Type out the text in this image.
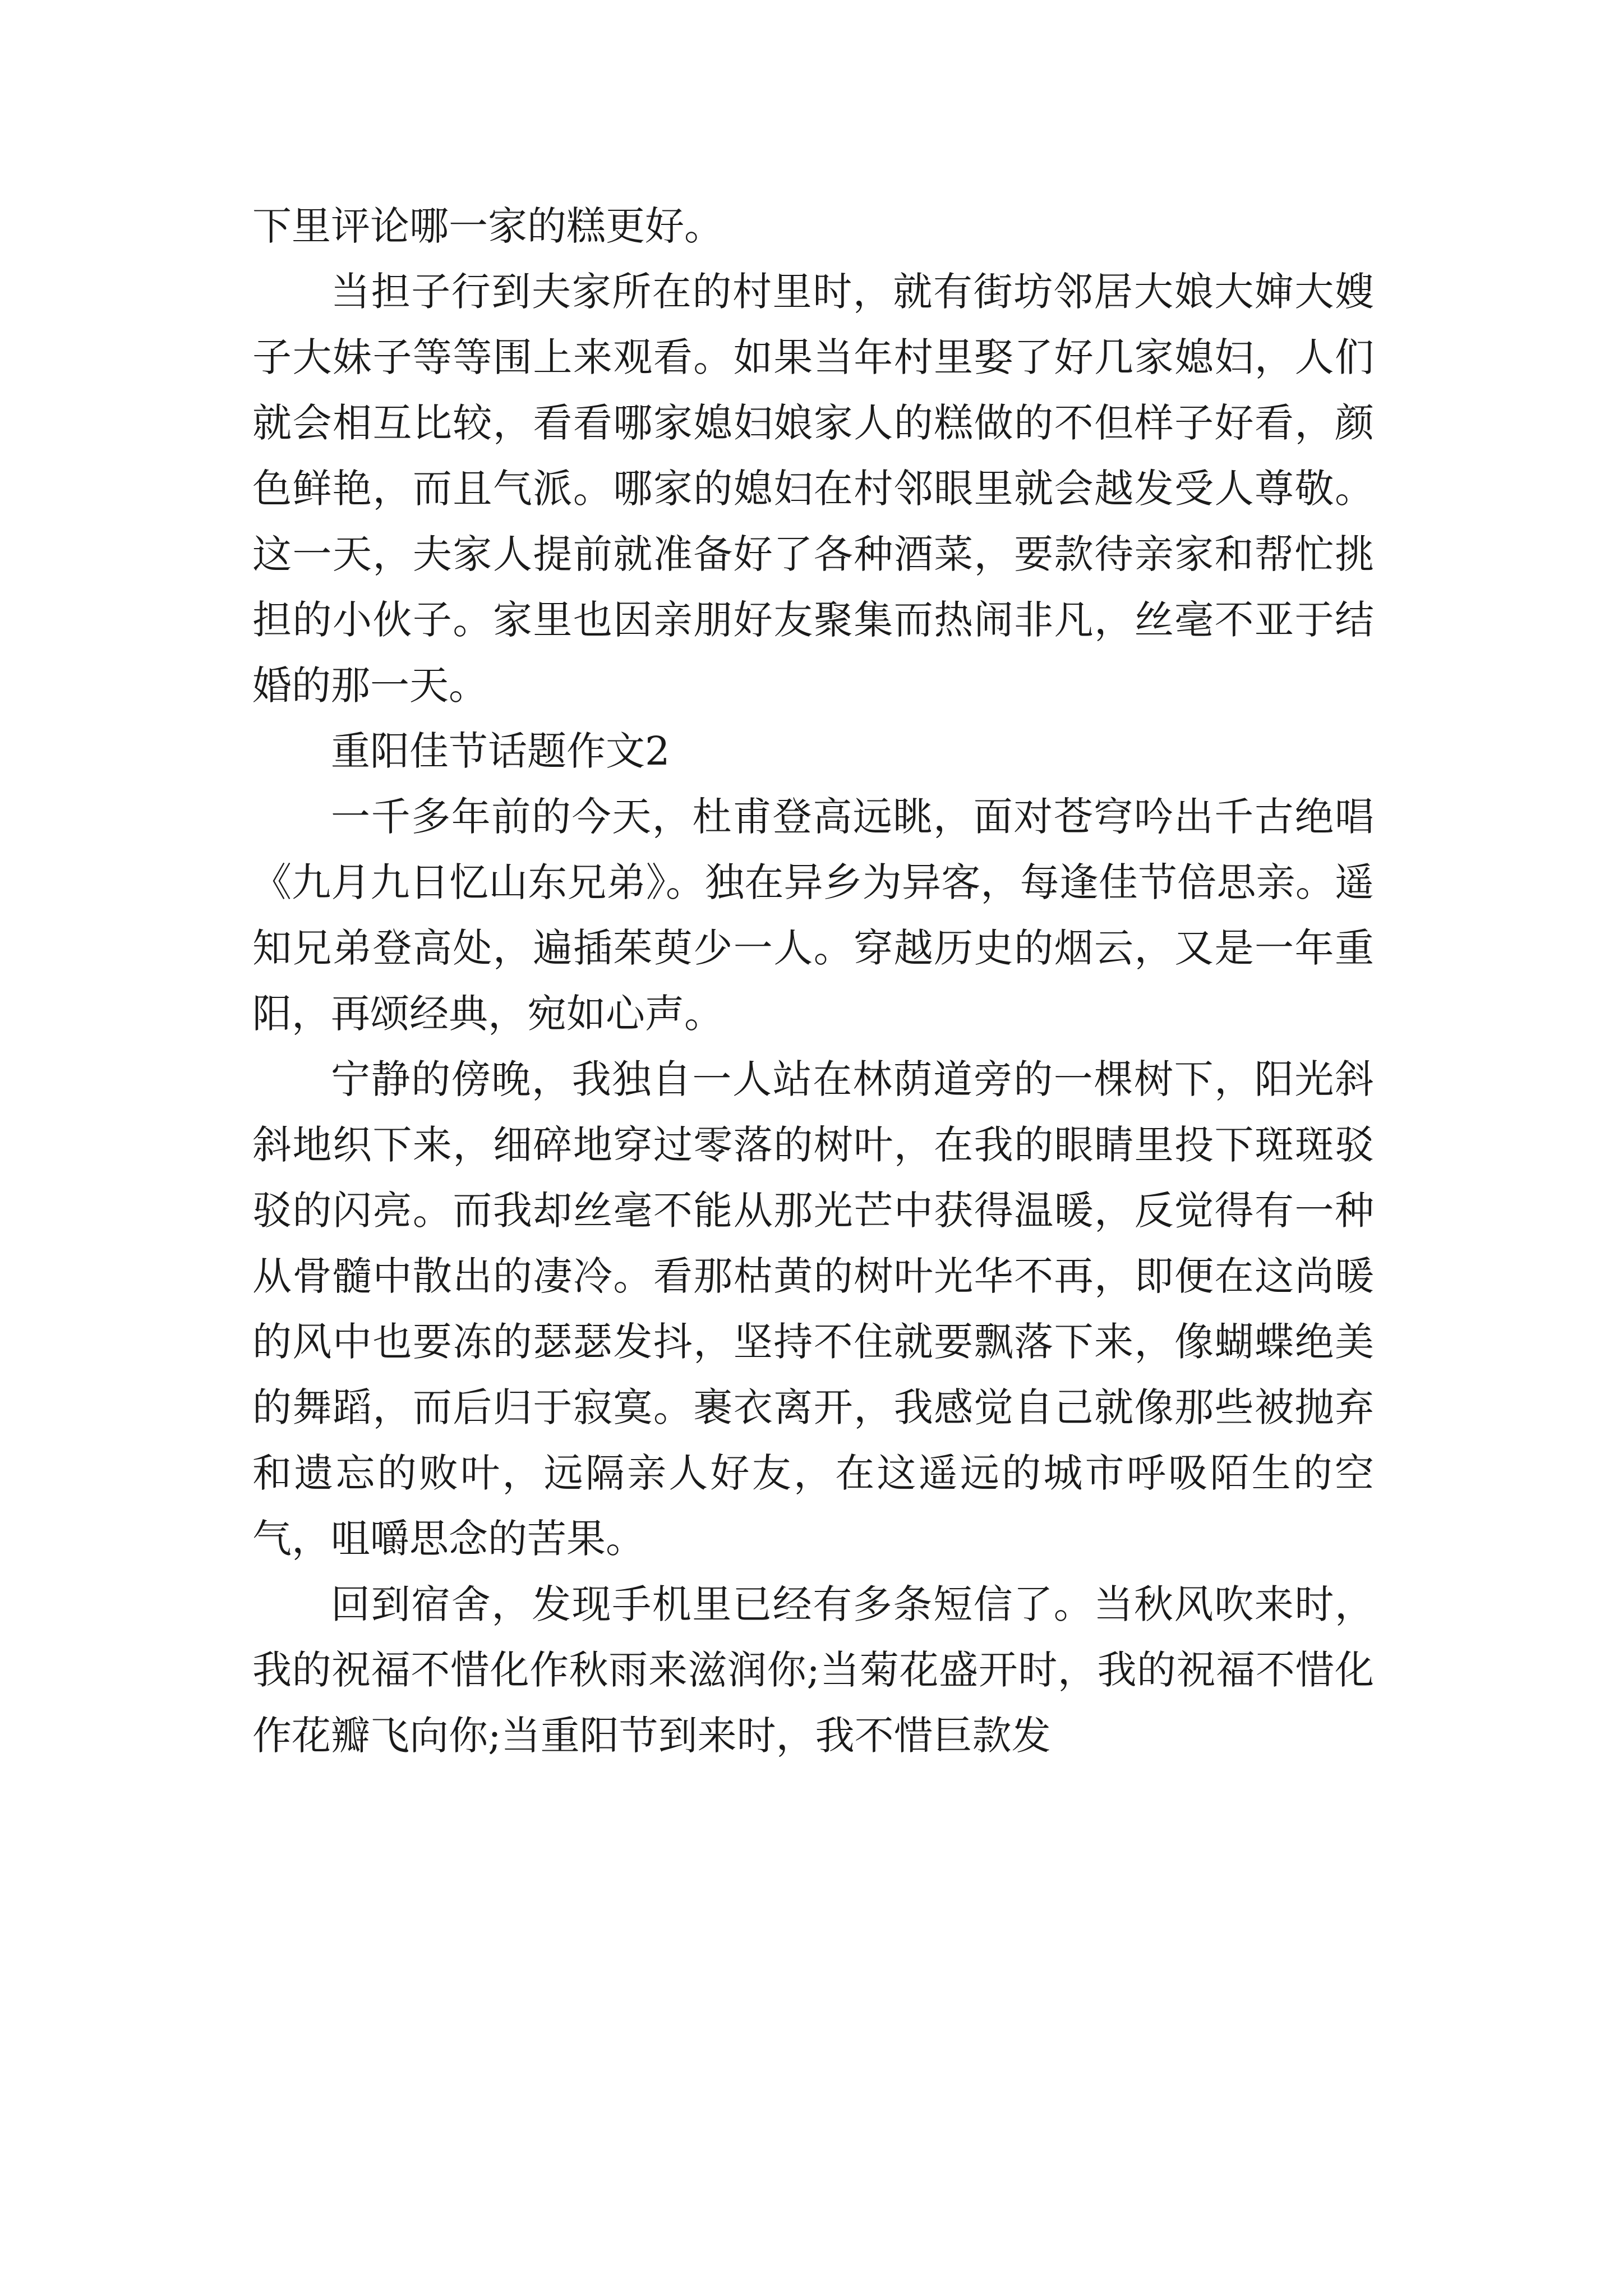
下里评论哪一家的糕更好。

当担子行到夫家所在的村里时，就有街坊邻居大娘大婶大嫂子大妹子等等围上来观看。如果当年村里娶了好几家媳妇，人们就会相互比较，看看哪家媳妇娘家人的糕做的不但样子好看，颜色鲜艳，而且气派。哪家的媳妇在村邻眼里就会越发受人尊敬。这一天，夫家人提前就准备好了各种酒菜，要款待亲家和帮忙挑担的小伙子。家里也因亲朋好友聚集而热闹非凡，丝毫不亚于结婚的那一天。

重阳佳节话题作文2

一千多年前的今天，杜甫登高远眺，面对苍穹吟出千古绝唱《九月九日忆山东兄弟》。独在异乡为异客，每逢佳节倍思亲。遥知兄弟登高处，遍插茱萸少一人。穿越历史的烟云，又是一年重阳，再颂经典，宛如心声。

宁静的傍晚，我独自一人站在林荫道旁的一棵树下，阳光斜斜地织下来，细碎地穿过零落的树叶，在我的眼睛里投下斑斑驳驳的闪亮。而我却丝毫不能从那光芒中获得温暖，反觉得有一种从骨髓中散出的凄冷。看那枯黄的树叶光华不再，即便在这尚暖的风中也要冻的瑟瑟发抖，坚持不住就要飘落下来，像蝴蝶绝美的舞蹈，而后归于寂寞。裹衣离开，我感觉自己就像那些被抛弃和遗忘的败叶，远隔亲人好友，在这遥远的城市呼吸陌生的空气，咀嚼思念的苦果。

回到宿舍，发现手机里已经有多条短信了。当秋风吹来时，我的祝福不惜化作秋雨来滋润你;当菊花盛开时，我的祝福不惜化作花瓣飞向你;当重阳节到来时，我不惜巨款发
